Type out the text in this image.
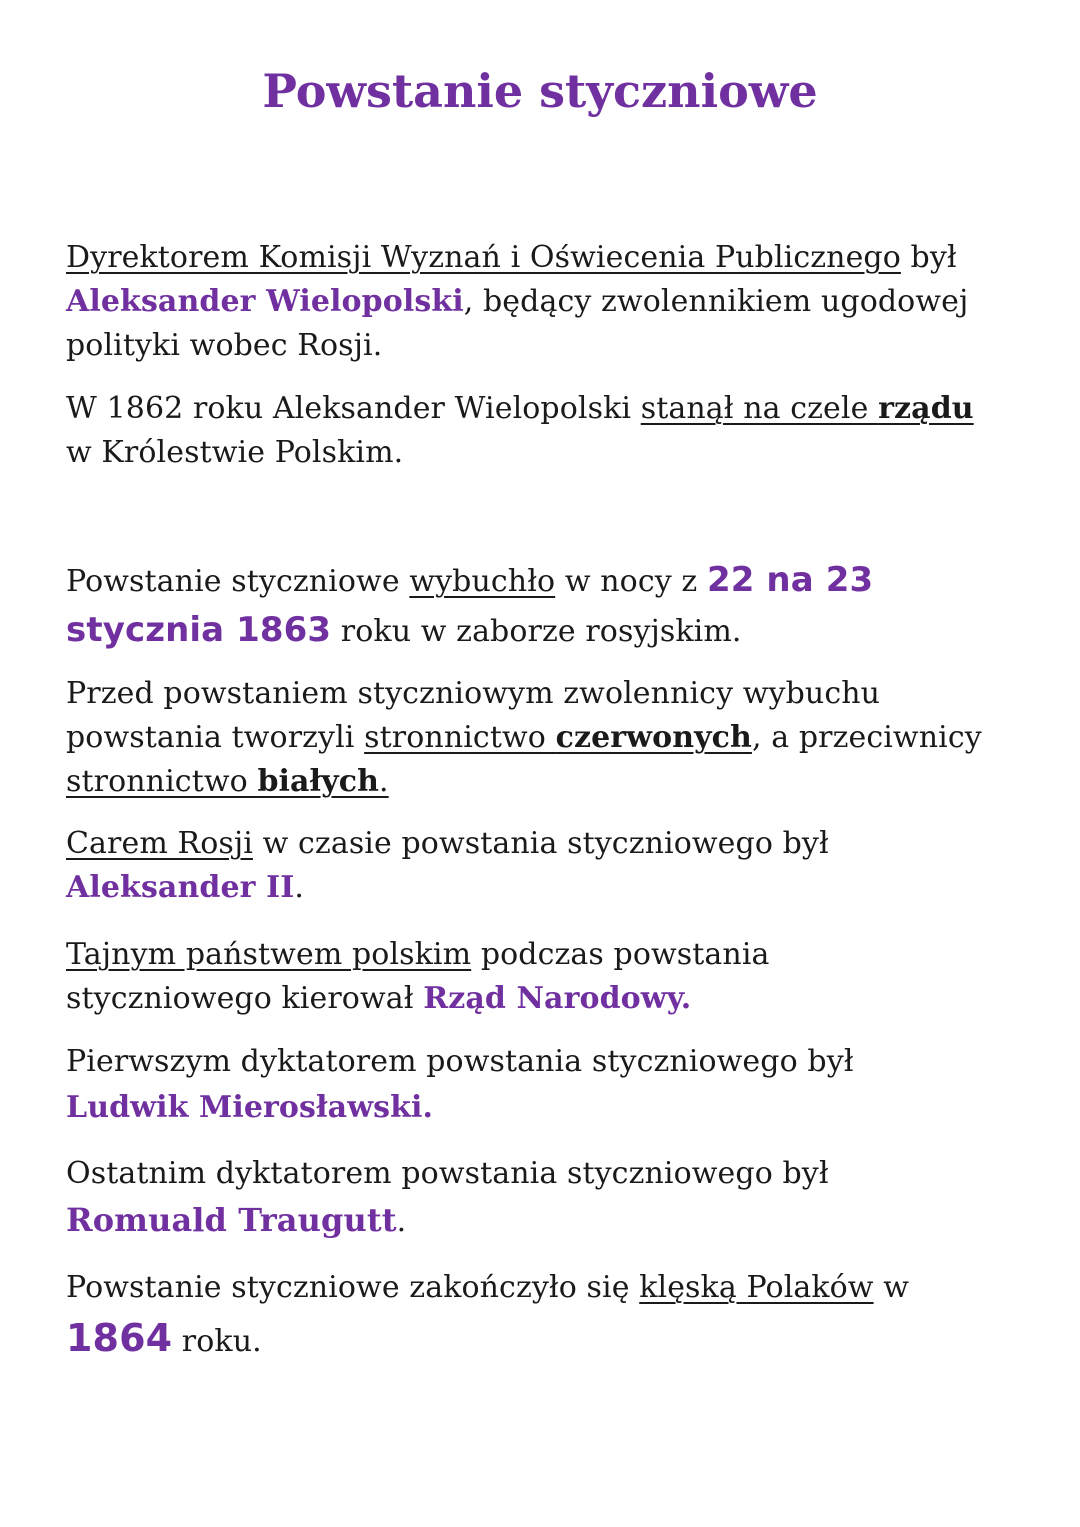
Powstanie styczniowe
Dyrektorem Komisji Wyznań i Oświecenia Publicznego był
Aleksander Wielopolski, będący zwolennikiem ugodowej
polityki wobec Rosji.
W 1862 roku Aleksander Wielopolski stanął na czele rządu
w Królestwie Polskim.
Powstanie styczniowe wybuchło w nocy z 22 na 23
stycznia 1863 roku w zaborze rosyjskim.
Przed powstaniem styczniowym zwolennicy wybuchu
powstania tworzyli stronnictwo czerwonych, a przeciwnicy
stronnictwo białych.
Carem Rosji w czasie powstania styczniowego był
Aleksander II.
Tajnym państwem polskim podczas powstania
styczniowego kierował Rząd Narodowy.
Pierwszym dyktatorem powstania styczniowego był
Ludwik Mierosławski.
Ostatnim dyktatorem powstania styczniowego był
Romuald Traugutt.
Powstanie styczniowe zakończyło się klęską Polaków w
1864 roku.
